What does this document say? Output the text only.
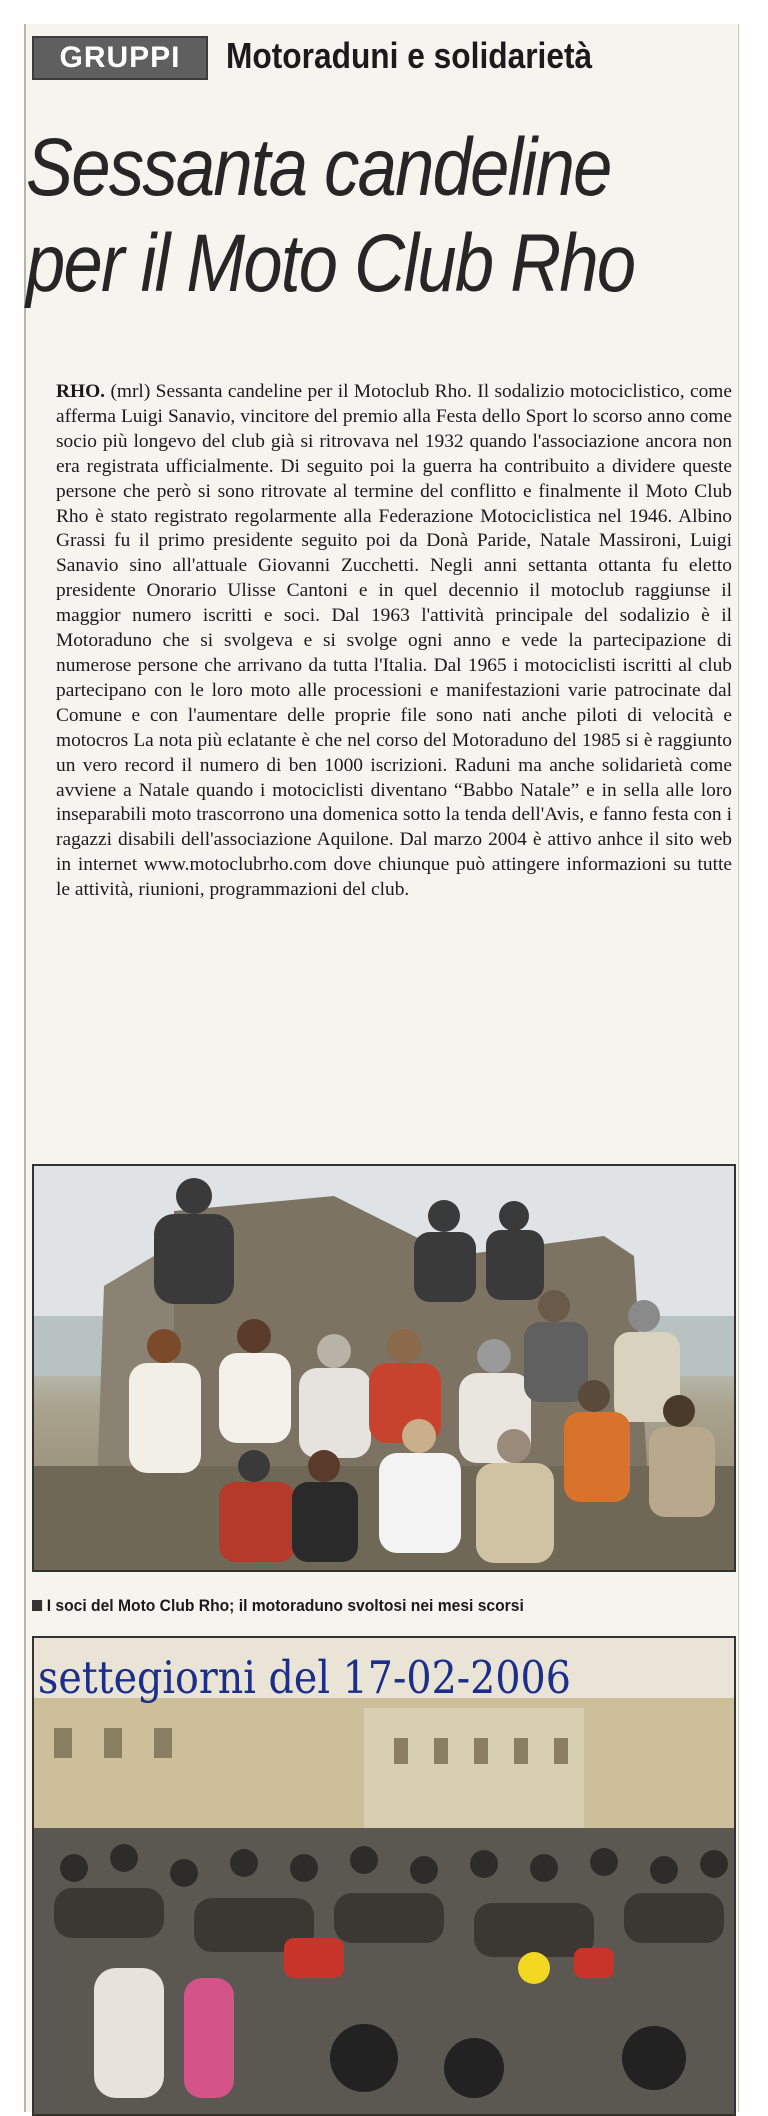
GRUPPI	Motoraduni e solidarietà
Sessanta candeline
per il Moto Club Rho
RHO. (mrl) Sessanta candeline per il Motoclub Rho. Il sodalizio motociclistico, come afferma Luigi Sanavio, vincitore del premio alla Festa dello Sport lo scorso anno come socio più longevo del club già si ritrovava nel 1932 quando l'associazione ancora non era registrata ufficialmente. Di seguito poi la guerra ha contribuito a dividere queste persone che però si sono ritrovate al termine del conflitto e finalmente il Moto Club Rho è stato registrato regolarmente alla Federazione Motociclistica nel 1946. Albino Grassi fu il primo presidente seguito poi da Donà Paride, Natale Massironi, Luigi Sanavio sino all'attuale Giovanni Zucchetti. Negli anni settanta ottanta fu eletto presidente Onorario Ulisse Cantoni e in quel decennio il motoclub raggiunse il maggior numero iscritti e soci. Dal 1963 l'attività principale del sodalizio è il Motoraduno che si svolgeva e si svolge ogni anno e vede la partecipazione di numerose persone che arrivano da tutta l'Italia. Dal 1965 i motociclisti iscritti al club partecipano con le loro moto alle processioni e manifestazioni varie patrocinate dal Comune e con l'aumentare delle proprie file sono nati anche piloti di velocità e motocros La nota più eclatante è che nel corso del Motoraduno del 1985 si è raggiunto un vero record il numero di ben 1000 iscrizioni. Raduni ma anche solidarietà come avviene a Natale quando i motociclisti diventano “Babbo Natale” e in sella alle loro inseparabili moto trascorrono una domenica sotto la tenda dell'Avis, e fanno festa con i ragazzi disabili dell'associazione Aquilone. Dal marzo 2004 è attivo anhce il sito web in internet www.motoclubrho.com dove chiunque può attingere informazioni su tutte le attività, riunioni, programmazioni del club.
I soci del Moto Club Rho; il motoraduno svoltosi nei mesi scorsi
settegiorni del 17-02-2006
